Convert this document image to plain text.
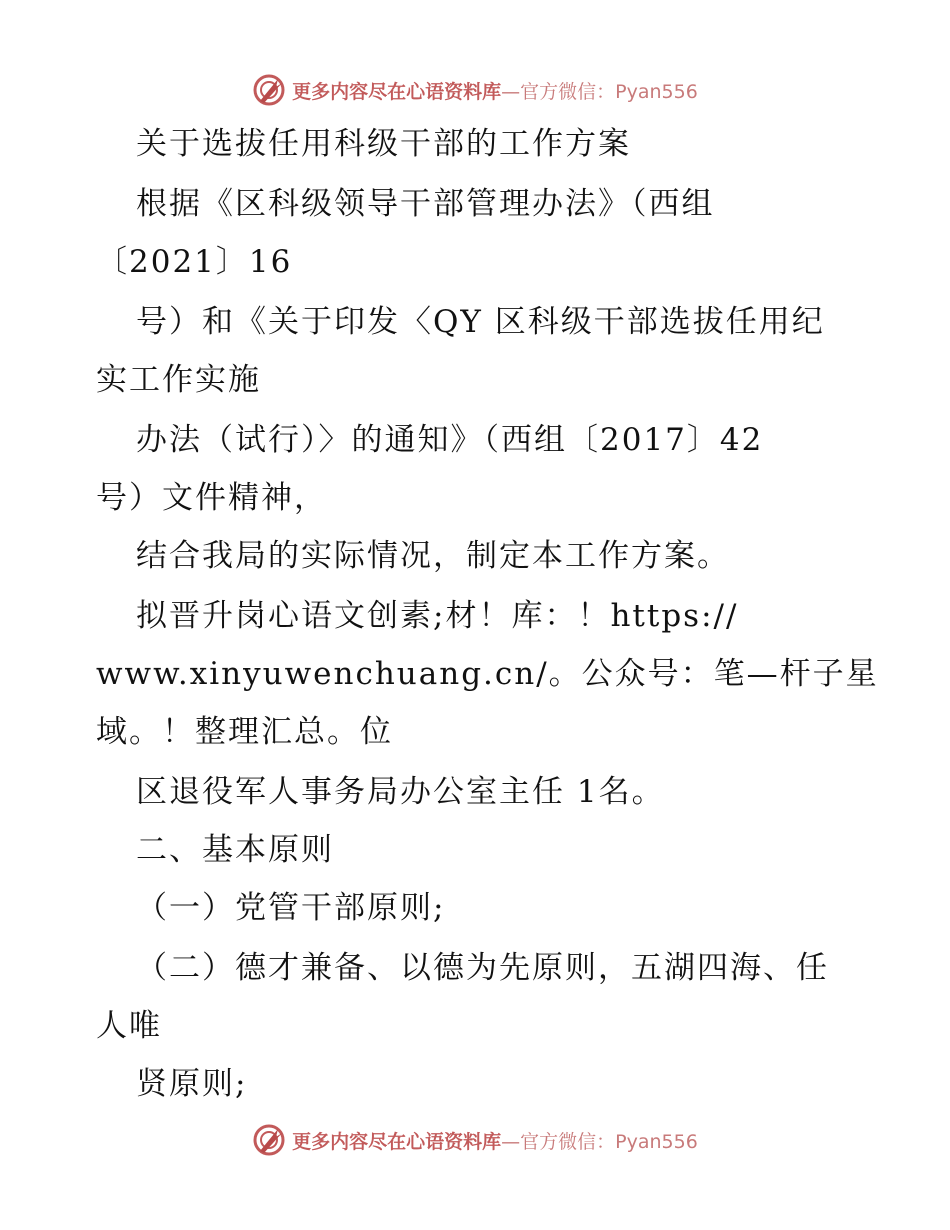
更多内容尽在心语资料库—官方微信：Pyan556
关于选拔任用科级干部的工作方案
根据《区科级领导干部管理办法》（西组
〔2021〕16
号）和《关于印发〈QY 区科级干部选拔任用纪
实工作实施
办法（试行）〉的通知》（西组〔2017〕42
号）文件精神，
结合我局的实际情况，制定本工作方案。
拟晋升岗心语文创素;材！库：！https://
www.xinyuwenchuang.cn/。公众号：笔—杆子星
域。！整理汇总。位
区退役军人事务局办公室主任 1名。
二、基本原则
（一）党管干部原则;
（二）德才兼备、以德为先原则，五湖四海、任
人唯
贤原则;
更多内容尽在心语资料库—官方微信：Pyan556
